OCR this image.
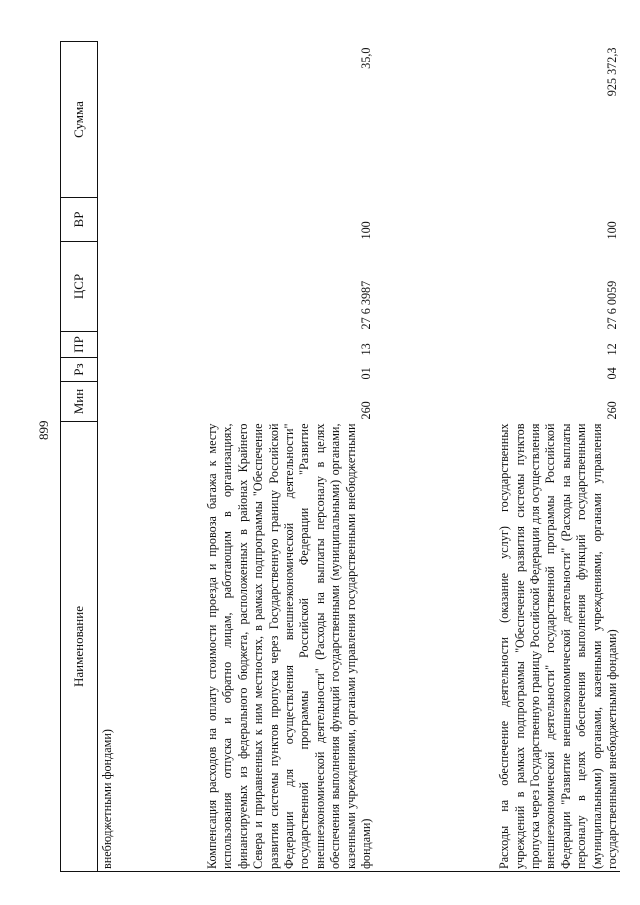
899
Наименование	Мин	Рз	ПР	ЦСР	ВР	Сумма
внебюджетными фондами)						
Компенсация расходов на оплату стоимости проезда и провоза багажа к месту использования отпуска и обратно лицам, работающим в организациях, финансируемых из федерального бюджета, расположенных в районах Крайнего Севера и приравненных к ним местностях, в рамках подпрограммы "Обеспечение развития системы пунктов пропуска через Государственную границу Российской Федерации для осуществления внешнеэкономической деятельности" государственной программы Российской Федерации "Развитие внешнеэкономической деятельности" (Расходы на выплаты персоналу в целях обеспечения выполнения функций государственными (муниципальными) органами, казенными учреждениями, органами управления государственными внебюджетными фондами)	260	01	13	27 6 3987	100	35,0
Расходы на обеспечение деятельности (оказание услуг) государственных учреждений в рамках подпрограммы "Обеспечение развития системы пунктов пропуска через Государственную границу Российской Федерации для осуществления внешнеэкономической деятельности" государственной программы Российской Федерации "Развитие внешнеэкономической деятельности" (Расходы на выплаты персоналу в целях обеспечения выполнения функций государственными (муниципальными) органами, казенными учреждениями, органами управления государственными внебюджетными фондами)	260	04	12	27 6 0059	100	925 372,3
